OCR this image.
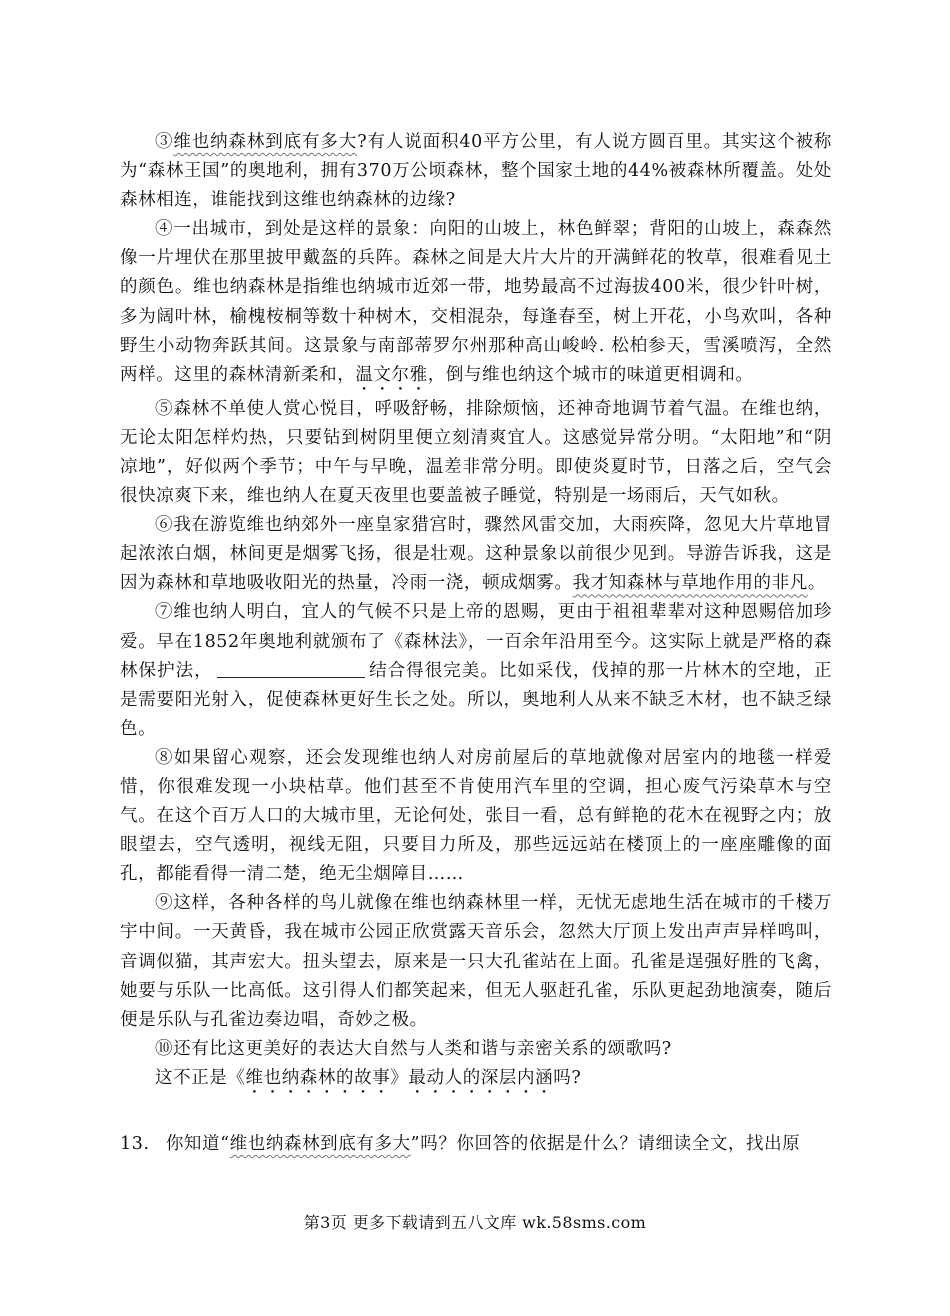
③维也纳森林到底有多大?有人说面积40平方公里，有人说方圆百里。其实这个被称为“森林王国”的奥地利，拥有370万公顷森林，整个国家土地的44%被森林所覆盖。处处森林相连，谁能找到这维也纳森林的边缘?

④一出城市，到处是这样的景象：向阳的山坡上，林色鲜翠；背阳的山坡上，森森然像一片埋伏在那里披甲戴盔的兵阵。森林之间是大片大片的开满鲜花的牧草，很难看见土的颜色。维也纳森林是指维也纳城市近郊一带，地势最高不过海拔400米，很少针叶树，多为阔叶林，榆槐桉桐等数十种树木，交相混杂，每逢春至，树上开花，小鸟欢叫，各种野生小动物奔跃其间。这景象与南部蒂罗尔州那种高山峻岭. 松柏参天，雪溪喷泻，全然两样。这里的森林清新柔和，温文尔雅，倒与维也纳这个城市的味道更相调和。

⑤森林不单使人赏心悦目，呼吸舒畅，排除烦恼，还神奇地调节着气温。在维也纳，无论太阳怎样灼热，只要钻到树阴里便立刻清爽宜人。这感觉异常分明。“太阳地”和“阴凉地”，好似两个季节；中午与早晚，温差非常分明。即使炎夏时节，日落之后，空气会很快凉爽下来，维也纳人在夏天夜里也要盖被子睡觉，特别是一场雨后，天气如秋。

⑥我在游览维也纳郊外一座皇家猎宫时，骤然风雷交加，大雨疾降，忽见大片草地冒起浓浓白烟，林间更是烟雾飞扬，很是壮观。这种景象以前很少见到。导游告诉我，这是因为森林和草地吸收阳光的热量，冷雨一浇，顿成烟雾。我才知森林与草地作用的非凡。

⑦维也纳人明白，宜人的气候不只是上帝的恩赐，更由于祖祖辈辈对这种恩赐倍加珍爱。早在1852年奥地利就颁布了《森林法》，一百余年沿用至今。这实际上就是严格的森林保护法，	结合得很完美。比如采伐，伐掉的那一片林木的空地，正是需要阳光射入，促使森林更好生长之处。所以，奥地利人从来不缺乏木材，也不缺乏绿色。

⑧如果留心观察，还会发现维也纳人对房前屋后的草地就像对居室内的地毯一样爱惜，你很难发现一小块枯草。他们甚至不肯使用汽车里的空调，担心废气污染草木与空气。在这个百万人口的大城市里，无论何处，张目一看，总有鲜艳的花木在视野之内；放眼望去，空气透明，视线无阻，只要目力所及，那些远远站在楼顶上的一座座雕像的面孔，都能看得一清二楚，绝无尘烟障目……

⑨这样，各种各样的鸟儿就像在维也纳森林里一样，无忧无虑地生活在城市的千楼万宇中间。一天黄昏，我在城市公园正欣赏露天音乐会，忽然大厅顶上发出声声异样鸣叫，音调似猫，其声宏大。扭头望去，原来是一只大孔雀站在上面。孔雀是逞强好胜的飞禽，她要与乐队一比高低。这引得人们都笑起来，但无人驱赶孔雀，乐队更起劲地演奏，随后便是乐队与孔雀边奏边唱，奇妙之极。

⑩还有比这更美好的表达大自然与人类和谐与亲密关系的颂歌吗?

这不正是《维也纳森林的故事》最动人的深层内涵吗?

13. 你知道“维也纳森林到底有多大”吗？你回答的依据是什么？请细读全文，找出原
第3页 更多下载请到五八文库 wk.58sms.com
